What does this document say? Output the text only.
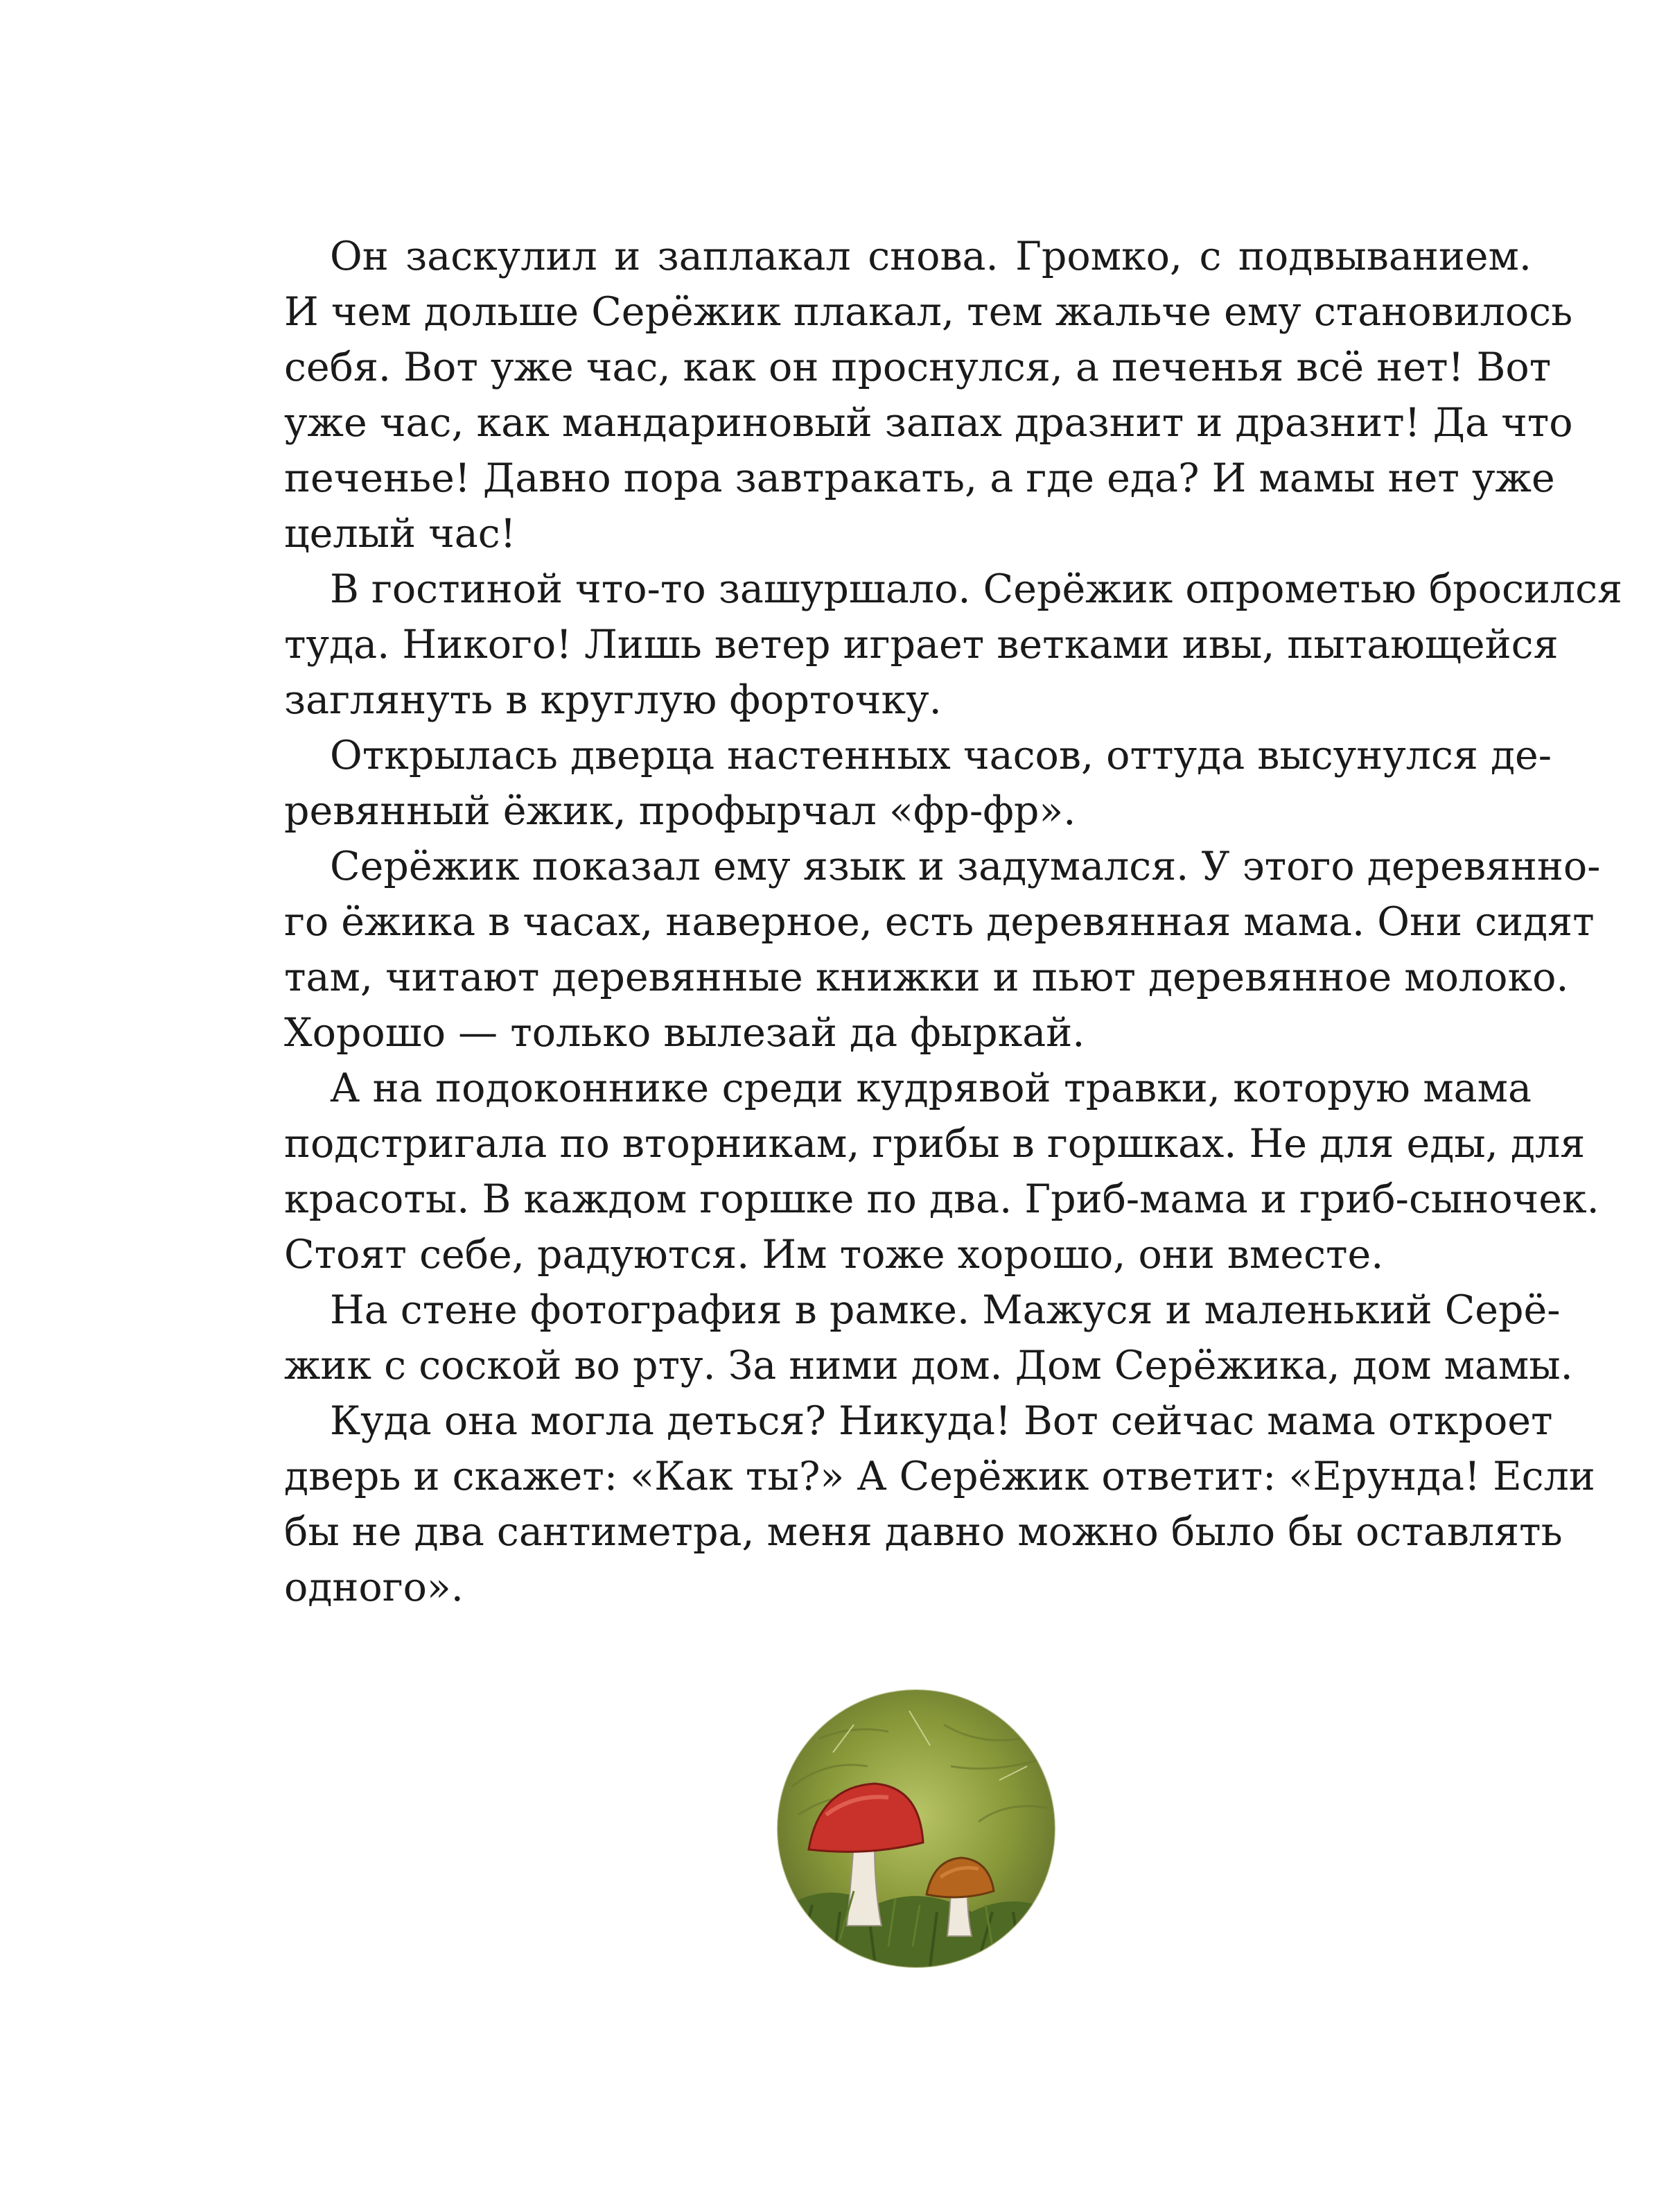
Он заскулил и заплакал снова. Громко, с подвыванием.
И чем дольше Серёжик плакал, тем жальче ему становилось
себя. Вот уже час, как он проснулся, а печенья всё нет! Вот
уже час, как мандариновый запах дразнит и дразнит! Да что
печенье! Давно пора завтракать, а где еда? И мамы нет уже
целый час!
В гостиной что-то зашуршало. Серёжик опрометью бросился
туда. Никого! Лишь ветер играет ветками ивы, пытающейся
заглянуть в круглую форточку.
Открылась дверца настенных часов, оттуда высунулся де-
ревянный ёжик, профырчал «фр-фр».
Серёжик показал ему язык и задумался. У этого деревянно-
го ёжика в часах, наверное, есть деревянная мама. Они сидят
там, читают деревянные книжки и пьют деревянное молоко.
Хорошо — только вылезай да фыркай.
А на подоконнике среди кудрявой травки, которую мама
подстригала по вторникам, грибы в горшках. Не для еды, для
красоты. В каждом горшке по два. Гриб-мама и гриб-сыночек.
Стоят себе, радуются. Им тоже хорошо, они вместе.
На стене фотография в рамке. Мажуся и маленький Серё-
жик с соской во рту. За ними дом. Дом Серёжика, дом мамы.
Куда она могла деться? Никуда! Вот сейчас мама откроет
дверь и скажет: «Как ты?» А Серёжик ответит: «Ерунда! Если
бы не два сантиметра, меня давно можно было бы оставлять
одного».
